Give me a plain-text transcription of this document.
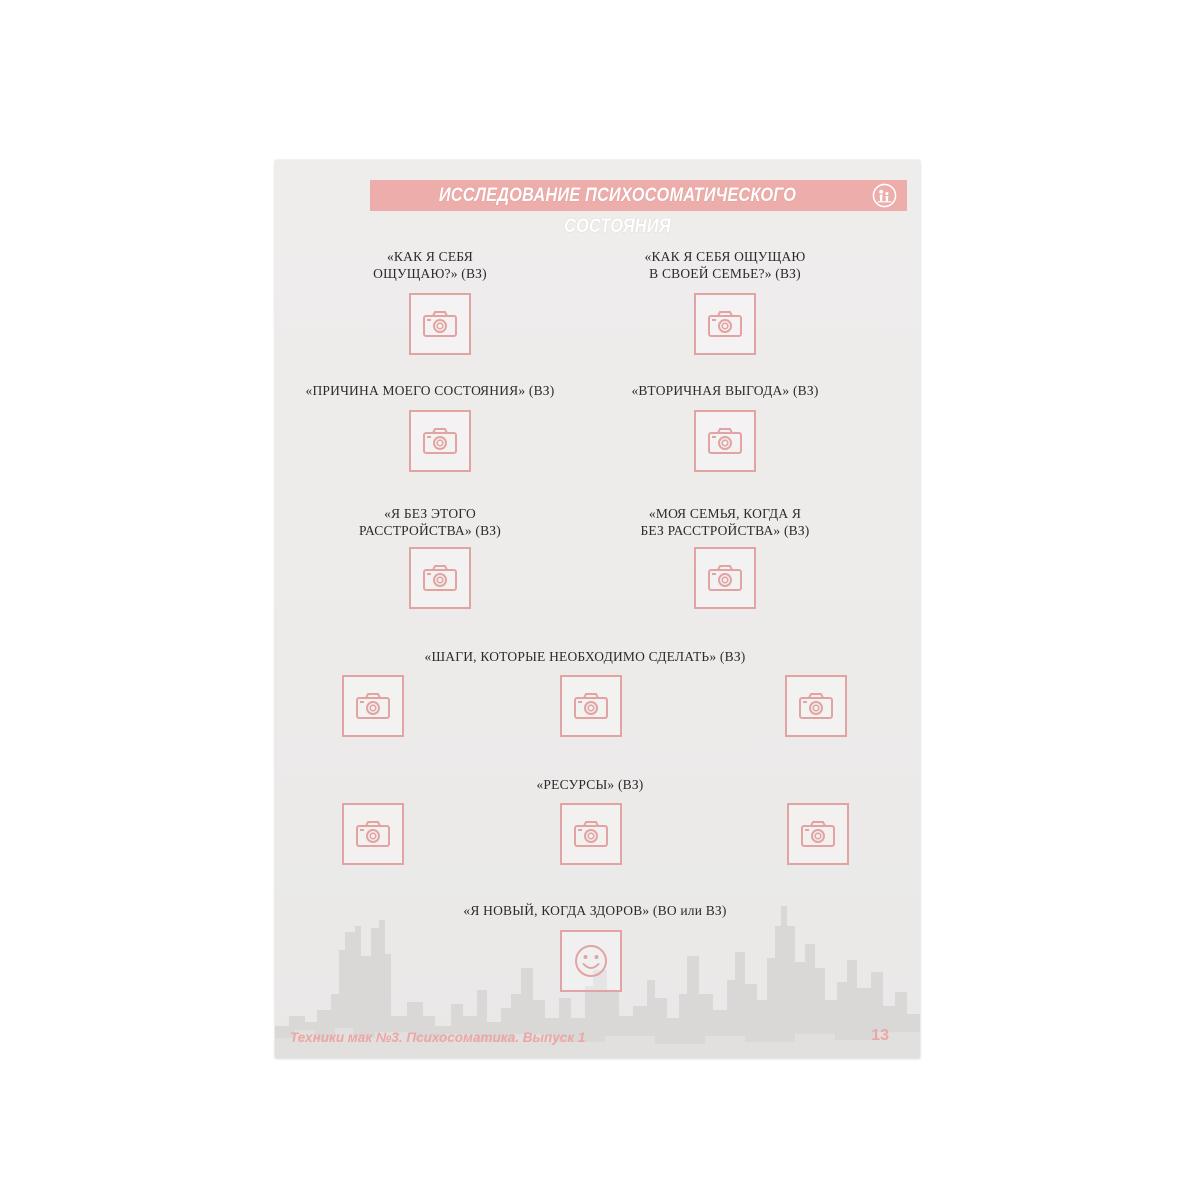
ИССЛЕДОВАНИЕ ПСИХОСОМАТИЧЕСКОГО СОСТОЯНИЯ
«КАК Я СЕБЯ
ОЩУЩАЮ?» (ВЗ)
«КАК Я СЕБЯ ОЩУЩАЮ
В СВОЕЙ СЕМЬЕ?» (ВЗ)
«ПРИЧИНА МОЕГО СОСТОЯНИЯ» (ВЗ)	«ВТОРИЧНАЯ ВЫГОДА» (ВЗ)
«Я БЕЗ ЭТОГО
РАССТРОЙСТВА» (ВЗ)
«МОЯ СЕМЬЯ, КОГДА Я
БЕЗ РАССТРОЙСТВА» (ВЗ)
«ШАГИ, КОТОРЫЕ НЕОБХОДИМО СДЕЛАТЬ» (ВЗ)
«РЕСУРСЫ» (ВЗ)
«Я НОВЫЙ, КОГДА ЗДОРОВ» (ВО или ВЗ)
Техники мак №3. Психосоматика. Выпуск 1	13
